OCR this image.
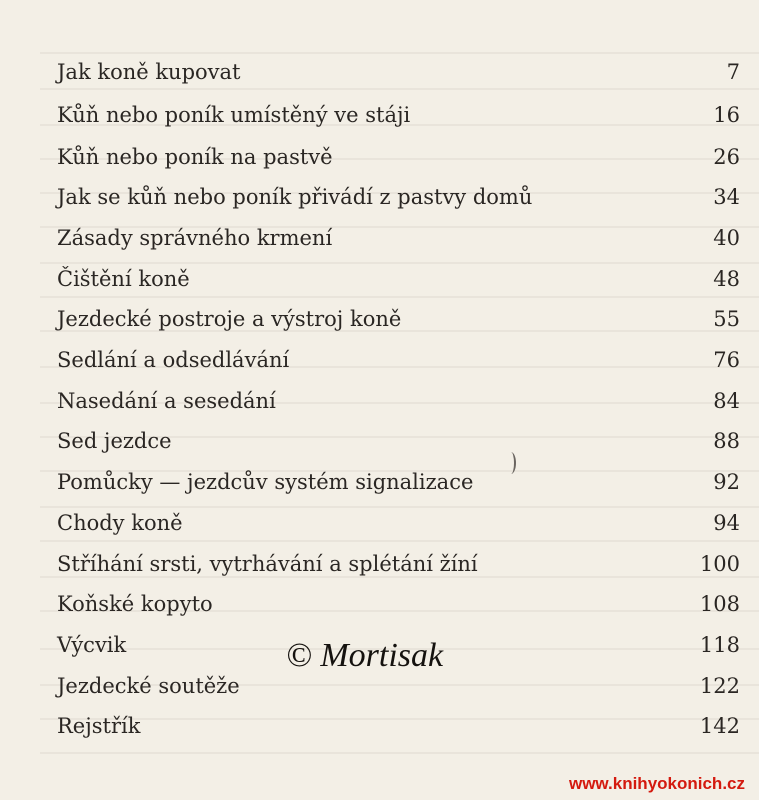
Jak koně kupovat	7
Kůň nebo poník umístěný ve stáji	16
Kůň nebo poník na pastvě	26
Jak se kůň nebo poník přivádí z pastvy domů	34
Zásady správného krmení	40
Čištění koně	48
Jezdecké postroje a výstroj koně	55
Sedlání a odsedlávání	76
Nasedání a sesedání	84
Sed jezdce	88
Pomůcky — jezdcův systém signalizace	92
Chody koně	94
Stříhání srsti, vytrhávání a splétání žíní	100
Koňské kopyto	108
Výcvik	118
Jezdecké soutěže	122
Rejstřík	142
© Mortisak
www.knihyokonich.cz
